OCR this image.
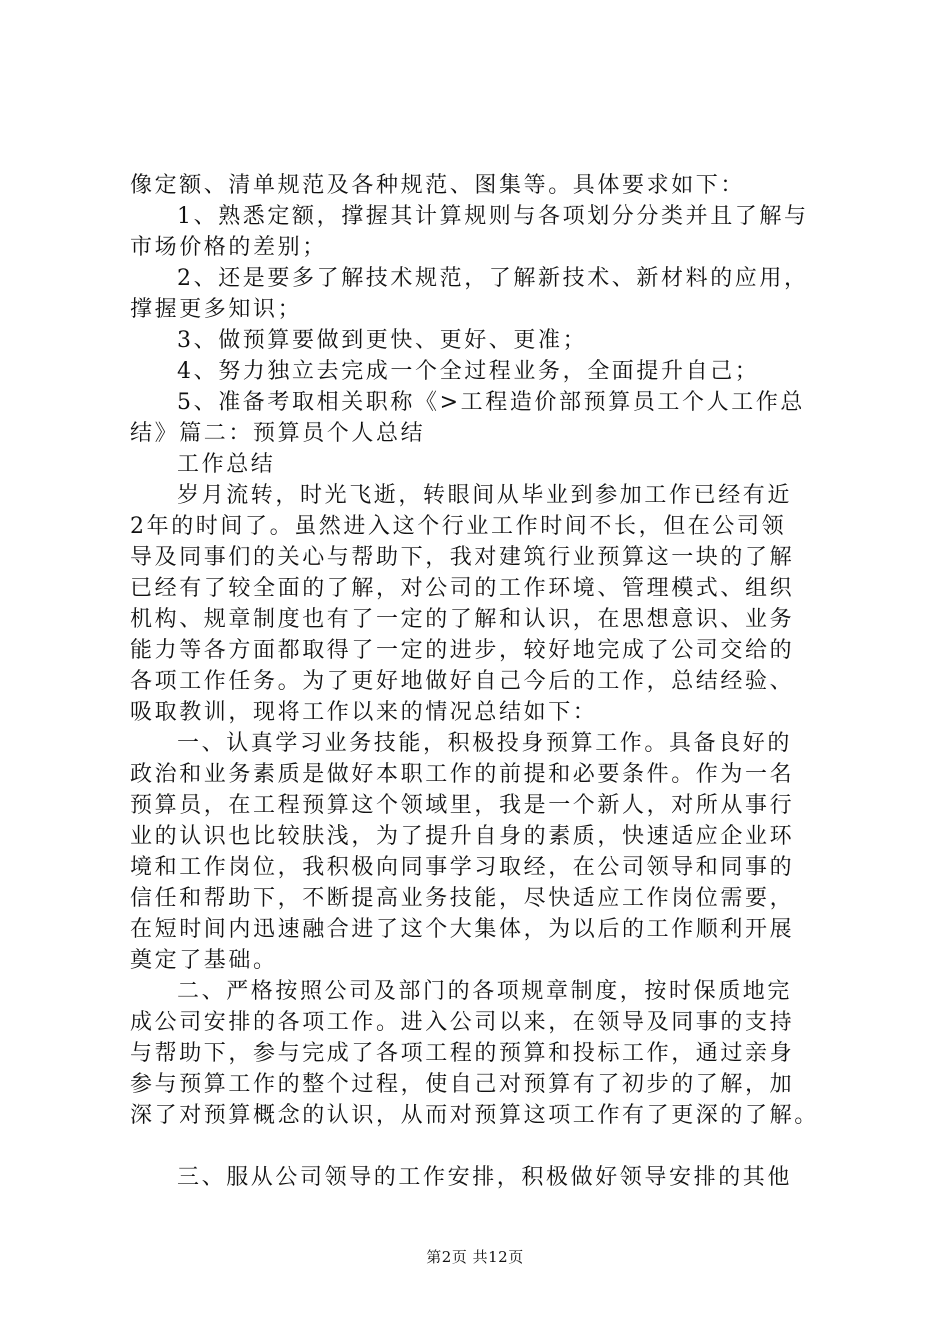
像定额、清单规范及各种规范、图集等。具体要求如下：
1、熟悉定额，撑握其计算规则与各项划分分类并且了解与
市场价格的差别；
2、还是要多了解技术规范，了解新技术、新材料的应用，
撑握更多知识；
3、做预算要做到更快、更好、更准；
4、努力独立去完成一个全过程业务，全面提升自己；
5、准备考取相关职称《>工程造价部预算员工个人工作总
结》篇二：预算员个人总结
工作总结
岁月流转，时光飞逝，转眼间从毕业到参加工作已经有近
2年的时间了。虽然进入这个行业工作时间不长，但在公司领
导及同事们的关心与帮助下，我对建筑行业预算这一块的了解
已经有了较全面的了解，对公司的工作环境、管理模式、组织
机构、规章制度也有了一定的了解和认识，在思想意识、业务
能力等各方面都取得了一定的进步，较好地完成了公司交给的
各项工作任务。为了更好地做好自己今后的工作，总结经验、
吸取教训，现将工作以来的情况总结如下：
一、认真学习业务技能，积极投身预算工作。具备良好的
政治和业务素质是做好本职工作的前提和必要条件。作为一名
预算员，在工程预算这个领域里，我是一个新人，对所从事行
业的认识也比较肤浅，为了提升自身的素质，快速适应企业环
境和工作岗位，我积极向同事学习取经，在公司领导和同事的
信任和帮助下，不断提高业务技能，尽快适应工作岗位需要，
在短时间内迅速融合进了这个大集体，为以后的工作顺利开展
奠定了基础。
二、严格按照公司及部门的各项规章制度，按时保质地完
成公司安排的各项工作。进入公司以来，在领导及同事的支持
与帮助下，参与完成了各项工程的预算和投标工作，通过亲身
参与预算工作的整个过程，使自己对预算有了初步的了解，加
深了对预算概念的认识，从而对预算这项工作有了更深的了解。
三、服从公司领导的工作安排，积极做好领导安排的其他
第2页 共12页
